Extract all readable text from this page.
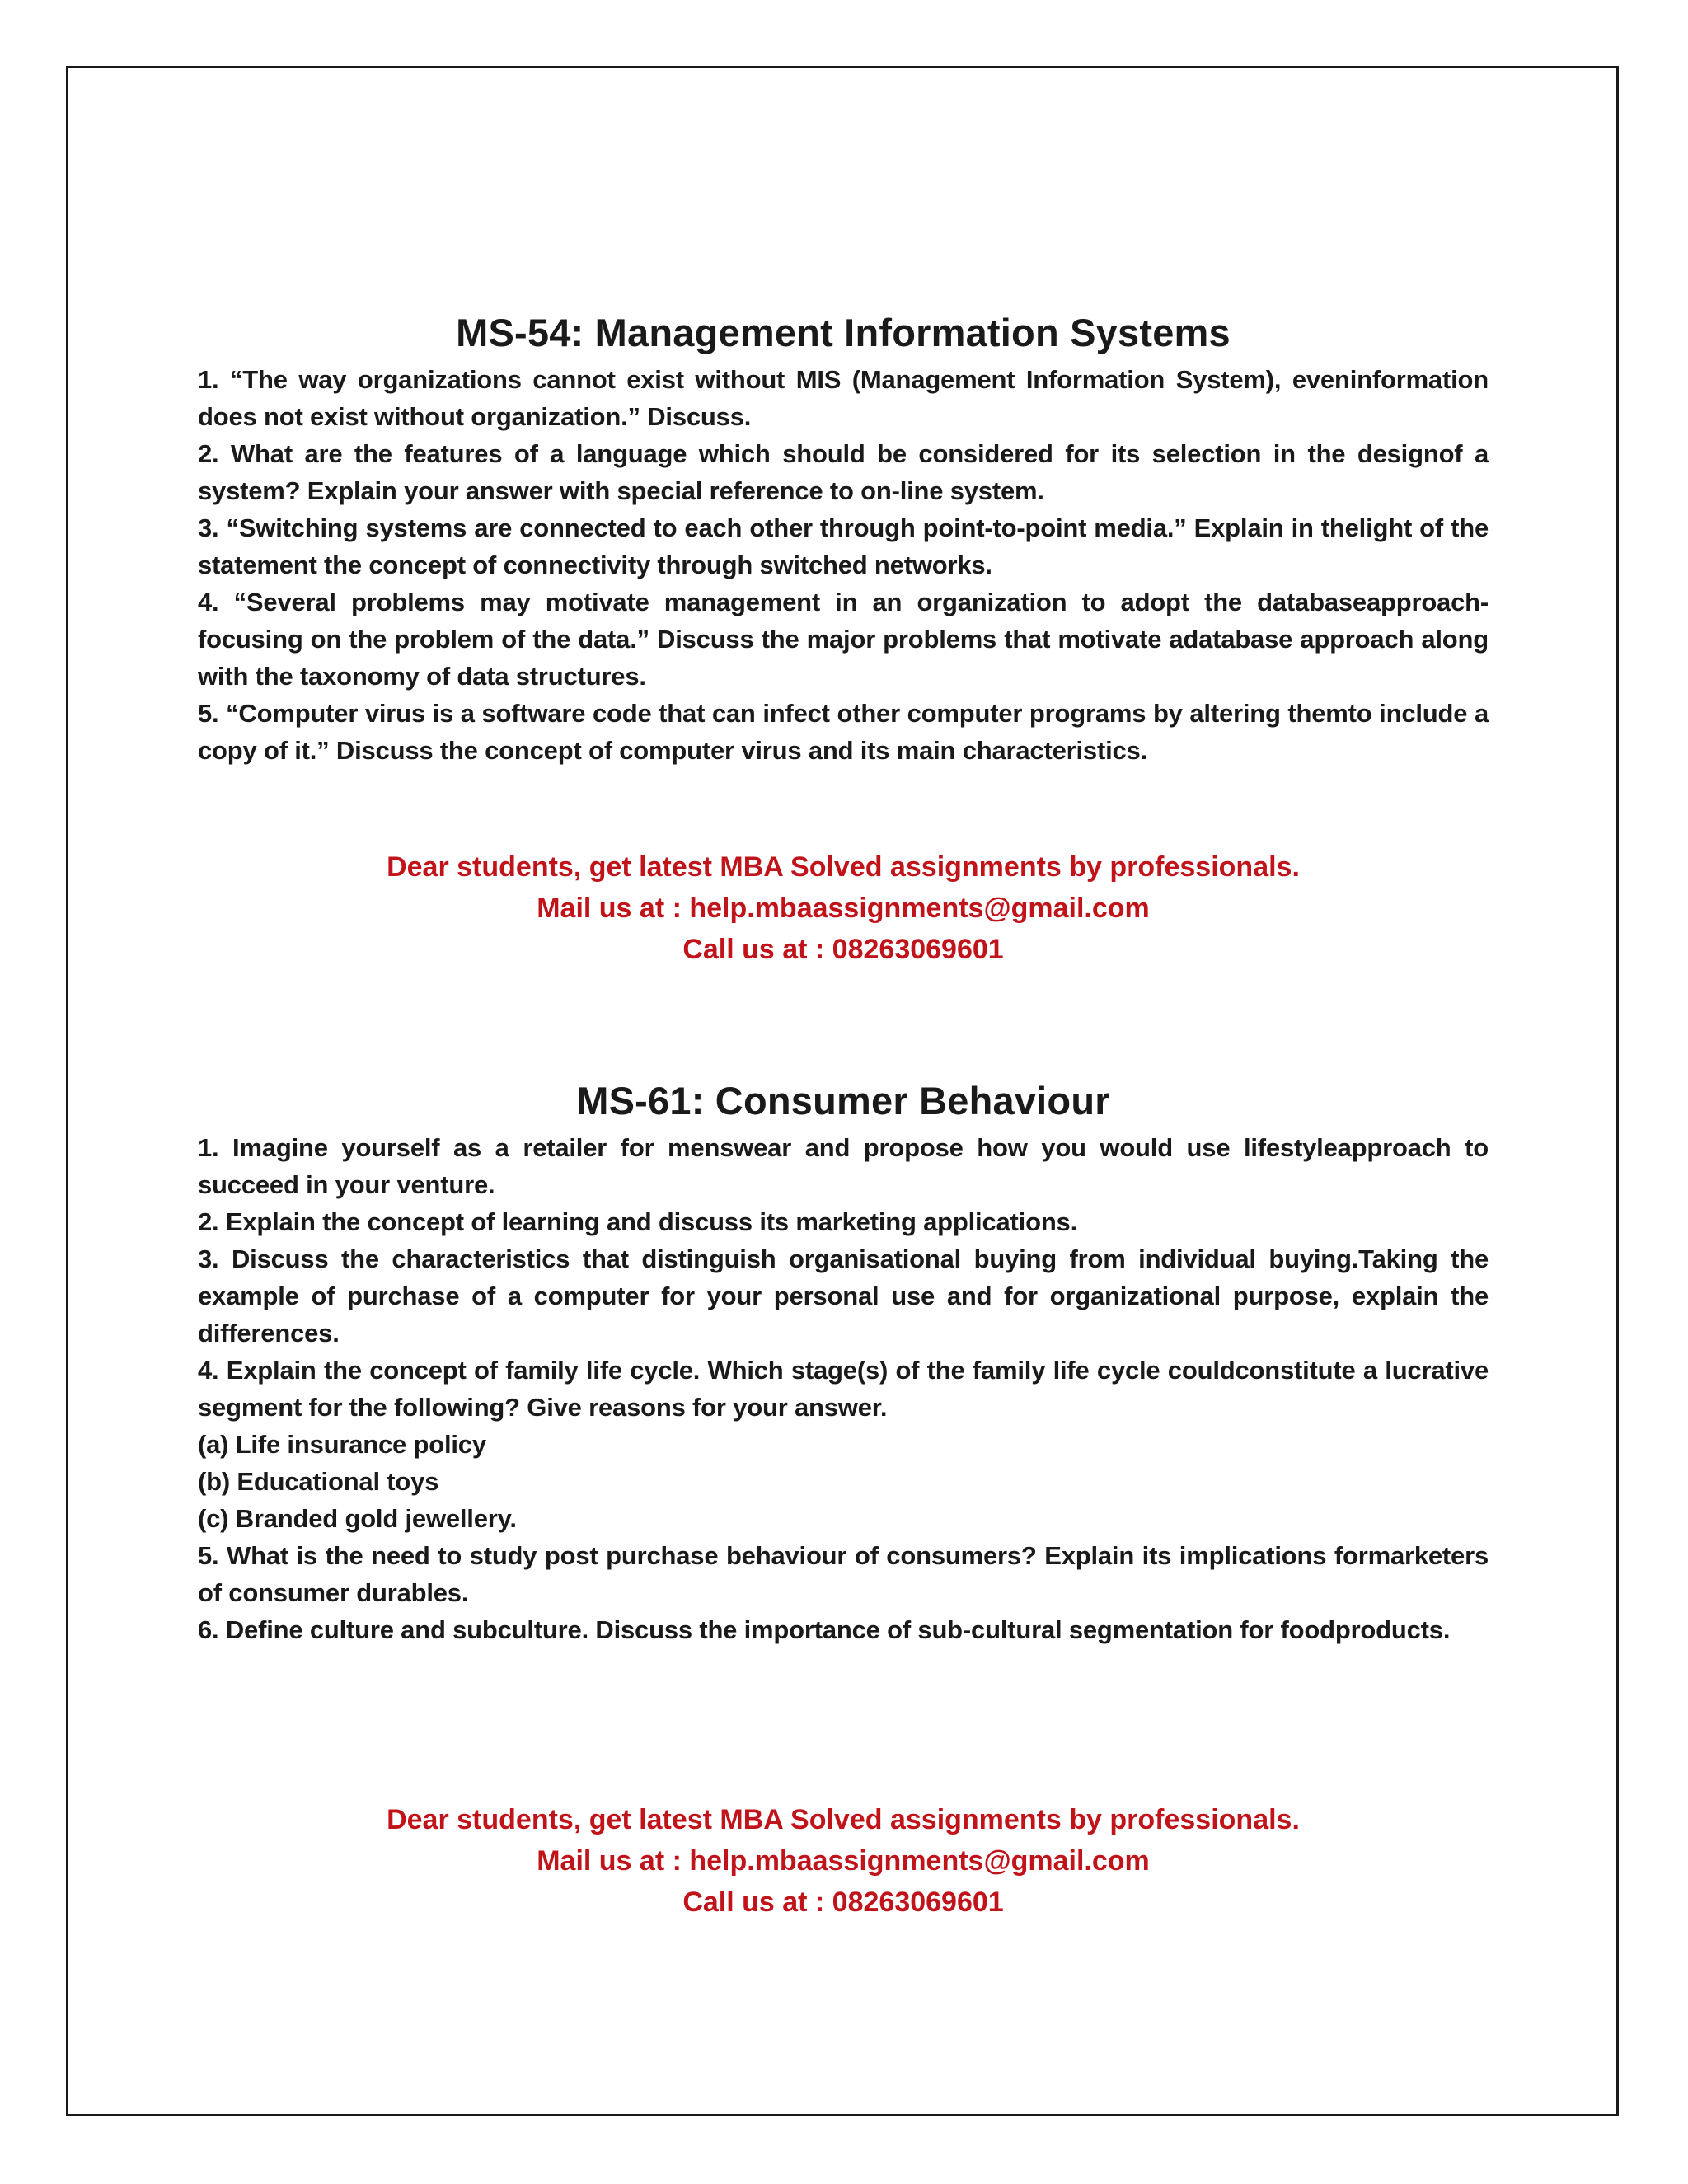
MS-54: Management Information Systems

1. “The way organizations cannot exist without MIS (Management Information System), eveninformation does not exist without organization.” Discuss.

2. What are the features of a language which should be considered for its selection in the designof a system? Explain your answer with special reference to on-line system.

3. “Switching systems are connected to each other through point-to-point media.” Explain in thelight of the statement the concept of connectivity through switched networks.

4. “Several problems may motivate management in an organization to adopt the databaseapproach-focusing on the problem of the data.” Discuss the major problems that motivate adatabase approach along with the taxonomy of data structures.

5. “Computer virus is a software code that can infect other computer programs by altering themto include a copy of it.” Discuss the concept of computer virus and its main characteristics.

Dear students, get latest MBA Solved assignments by professionals.

Mail us at : help.mbaassignments@gmail.com

Call us at : 08263069601

MS-61: Consumer Behaviour

1. Imagine yourself as a retailer for menswear and propose how you would use lifestyleapproach to succeed in your venture.

2. Explain the concept of learning and discuss its marketing applications.

3. Discuss the characteristics that distinguish organisational buying from individual buying.Taking the example of purchase of a computer for your personal use and for organizational purpose, explain the differences.

4. Explain the concept of family life cycle. Which stage(s) of the family life cycle couldconstitute a lucrative segment for the following? Give reasons for your answer.

(a) Life insurance policy

(b) Educational toys

(c) Branded gold jewellery.

5. What is the need to study post purchase behaviour of consumers? Explain its implications formarketers of consumer durables.

6. Define culture and subculture. Discuss the importance of sub-cultural segmentation for foodproducts.

Dear students, get latest MBA Solved assignments by professionals.

Mail us at : help.mbaassignments@gmail.com

Call us at : 08263069601
